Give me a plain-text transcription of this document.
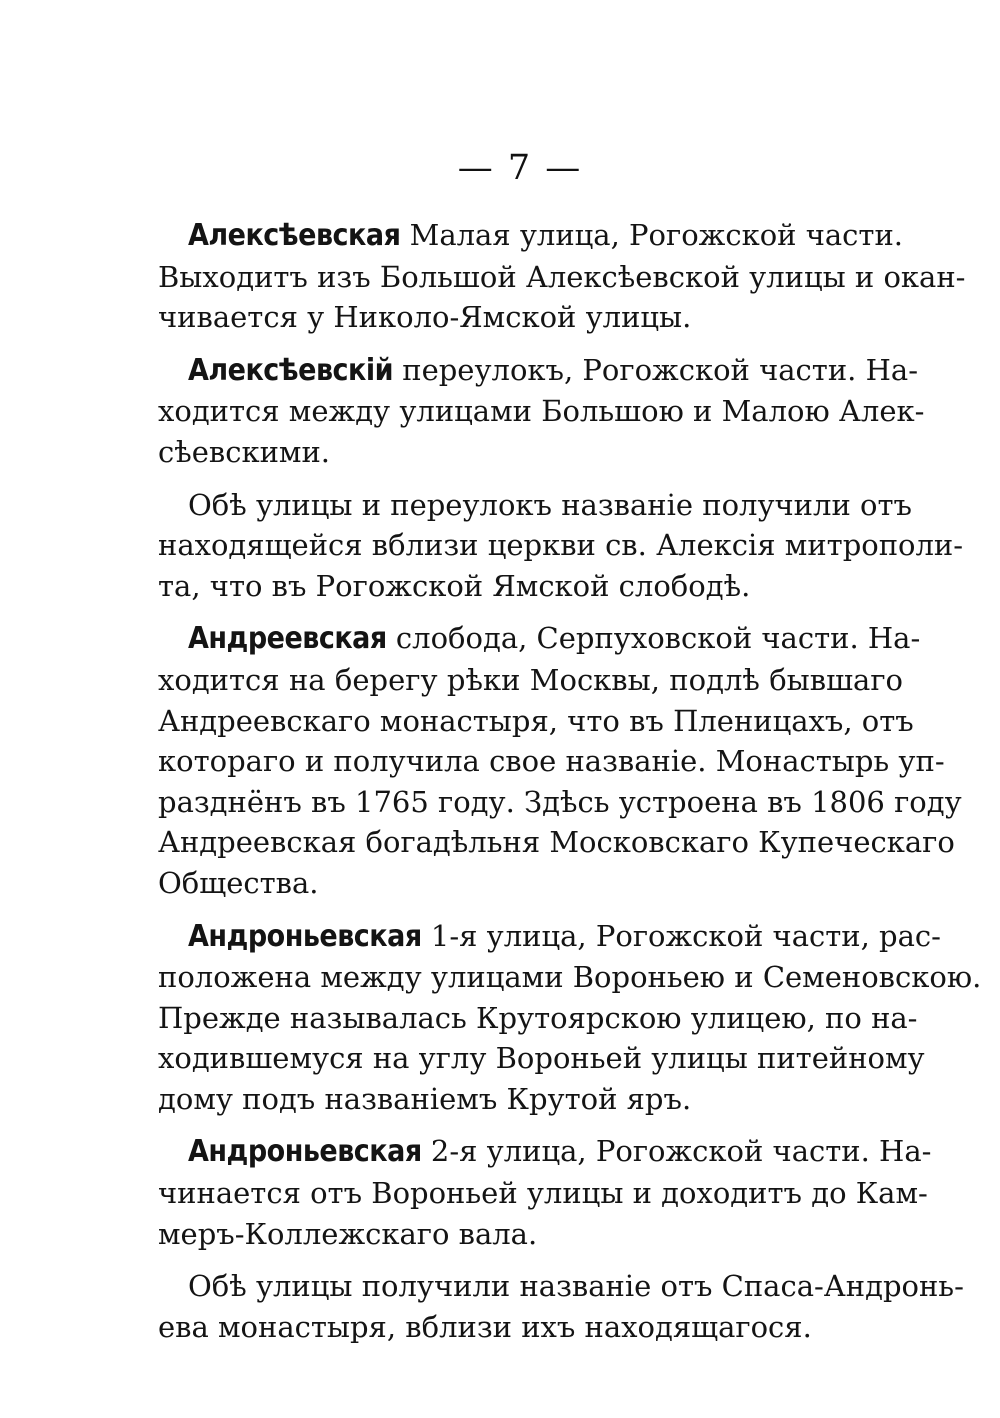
— 7 —
Алексѣевская Малая улица, Рогожской части.
Выходитъ изъ Большой Алексѣевской улицы и окан-
чивается у Николо-Ямской улицы.
Алексѣевскій переулокъ, Рогожской части. На-
ходится между улицами Большою и Малою Алек-
сѣевскими.
Обѣ улицы и переулокъ названіе получили отъ
находящейся вблизи церкви св. Алексія митрополи-
та, что въ Рогожской Ямской слободѣ.
Андреевская слобода, Серпуховской части. На-
ходится на берегу рѣки Москвы, подлѣ бывшаго
Андреевскаго монастыря, что въ Пленицахъ, отъ
котораго и получила свое названіе. Монастырь уп-
разднёнъ въ 1765 году. Здѣсь устроена въ 1806 году
Андреевская богадѣльня Московскаго Купеческаго
Общества.
Андроньевская 1-я улица, Рогожской части, рас-
положена между улицами Вороньею и Семеновскою.
Прежде называлась Крутоярскою улицею, по на-
ходившемуся на углу Вороньей улицы питейному
дому подъ названіемъ Крутой яръ.
Андроньевская 2-я улица, Рогожской части. На-
чинается отъ Вороньей улицы и доходитъ до Кам-
меръ-Коллежскаго вала.
Обѣ улицы получили названіе отъ Спаса-Андронь-
ева монастыря, вблизи ихъ находящагося.
